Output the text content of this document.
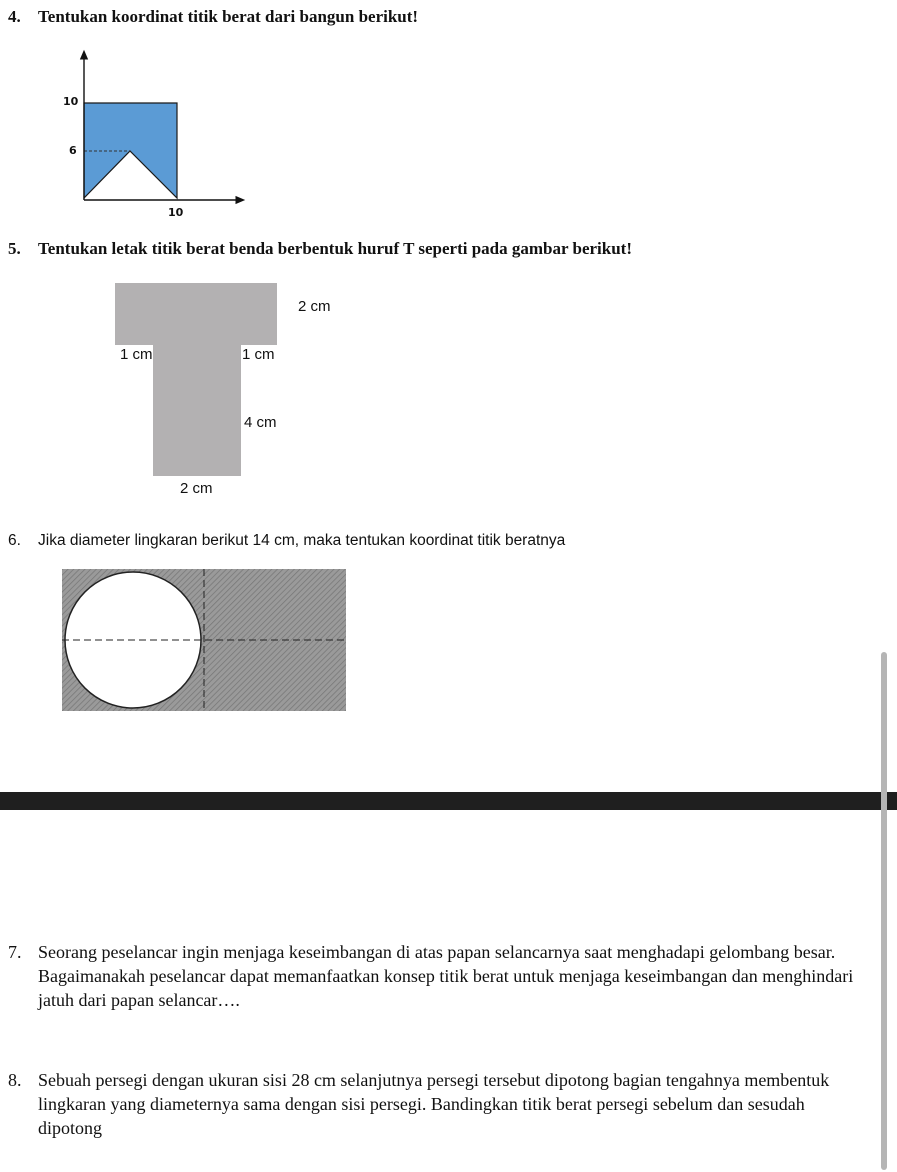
4. Tentukan koordinat titik berat dari bangun berikut!
10
6
10
5. Tentukan letak titik berat benda berbentuk huruf T seperti pada gambar berikut!
2 cm
1 cm	1 cm
4 cm
2 cm
6. Jika diameter lingkaran berikut 14 cm, maka tentukan koordinat titik beratnya
7. Seorang peselancar ingin menjaga keseimbangan di atas papan selancarnya saat menghadapi gelombang besar. Bagaimanakah peselancar dapat memanfaatkan konsep titik berat untuk menjaga keseimbangan dan menghindari jatuh dari papan selancar….
8. Sebuah persegi dengan ukuran sisi 28 cm selanjutnya persegi tersebut dipotong bagian tengahnya membentuk lingkaran yang diameternya sama dengan sisi persegi. Bandingkan titik berat persegi sebelum dan sesudah dipotong
